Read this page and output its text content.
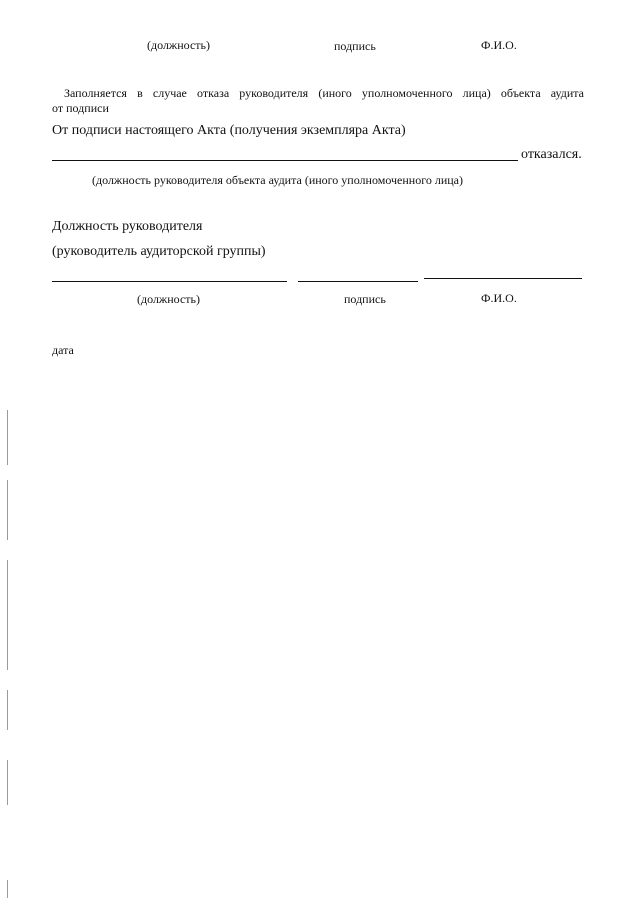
(должность)	подпись	Ф.И.О.
Заполняется в случае отказа руководителя (иного уполномоченного лица) объекта аудита
от подписи
От подписи настоящего Акта (получения экземпляра Акта)
отказался.
(должность руководителя объекта аудита (иного уполномоченного лица)
Должность руководителя
(руководитель аудиторской группы)
(должность)	подпись	Ф.И.О.
дата
